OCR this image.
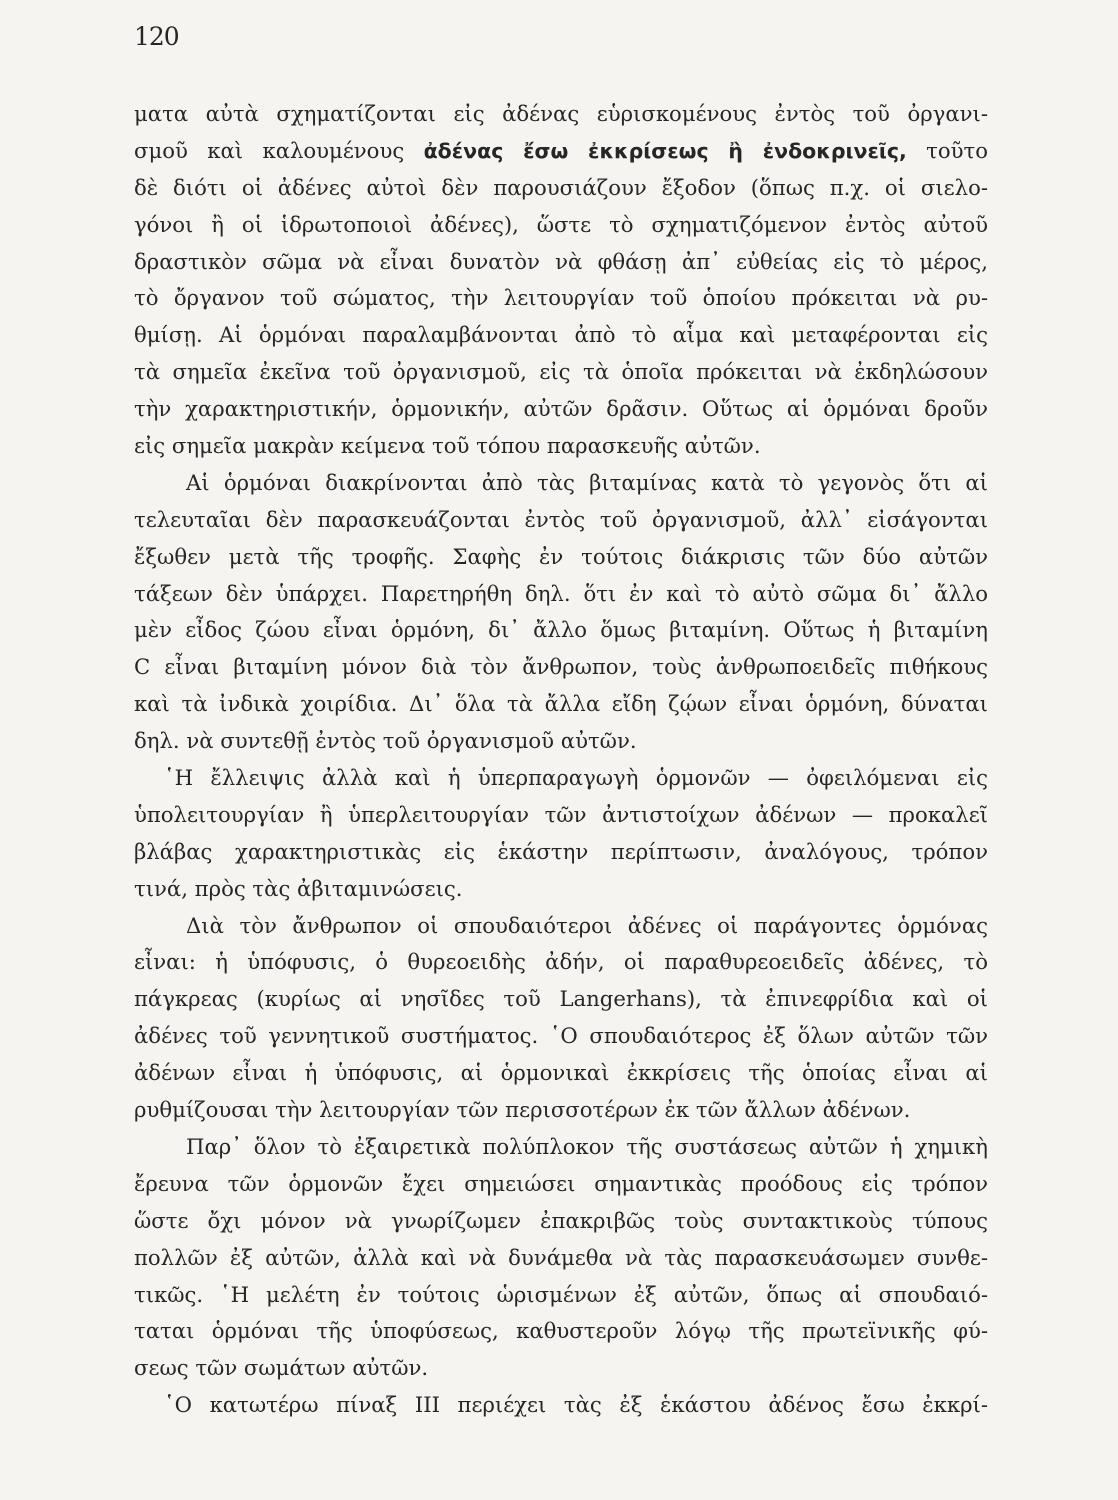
120
ματα αὐτὰ σχηματίζονται εἰς ἀδένας εὑρισκομένους ἐντὸς τοῦ ὀργανι-
σμοῦ καὶ καλουμένους ἀδένας ἔσω ἐκκρίσεως ἢ ἐνδοκρινεῖς, τοῦτο
δὲ διότι οἱ ἀδένες αὐτοὶ δὲν παρουσιάζουν ἔξοδον (ὅπως π.χ. οἱ σιελο-
γόνοι ἢ οἱ ἱδρωτοποιοὶ ἀδένες), ὥστε τὸ σχηματιζόμενον ἐντὸς αὐτοῦ
δραστικὸν σῶμα νὰ εἶναι δυνατὸν νὰ φθάσῃ ἀπ᾽ εὐθείας εἰς τὸ μέρος,
τὸ ὄργανον τοῦ σώματος, τὴν λειτουργίαν τοῦ ὁποίου πρόκειται νὰ ρυ-
θμίσῃ. Αἱ ὁρμόναι παραλαμβάνονται ἀπὸ τὸ αἷμα καὶ μεταφέρονται εἰς
τὰ σημεῖα ἐκεῖνα τοῦ ὀργανισμοῦ, εἰς τὰ ὁποῖα πρόκειται νὰ ἐκδηλώσουν
τὴν χαρακτηριστικήν, ὁρμονικήν, αὐτῶν δρᾶσιν. Οὕτως αἱ ὁρμόναι δροῦν
εἰς σημεῖα μακρὰν κείμενα τοῦ τόπου παρασκευῆς αὐτῶν.
Αἱ ὁρμόναι διακρίνονται ἀπὸ τὰς βιταμίνας κατὰ τὸ γεγονὸς ὅτι αἱ
τελευταῖαι δὲν παρασκευάζονται ἐντὸς τοῦ ὀργανισμοῦ, ἀλλ᾽ εἰσάγονται
ἔξωθεν μετὰ τῆς τροφῆς. Σαφὴς ἐν τούτοις διάκρισις τῶν δύο αὐτῶν
τάξεων δὲν ὑπάρχει. Παρετηρήθη δηλ. ὅτι ἐν καὶ τὸ αὐτὸ σῶμα δι᾽ ἄλλο
μὲν εἶδος ζώου εἶναι ὁρμόνη, δι᾽ ἄλλο ὅμως βιταμίνη. Οὕτως ἡ βιταμίνη
C εἶναι βιταμίνη μόνον διὰ τὸν ἄνθρωπον, τοὺς ἀνθρωποειδεῖς πιθήκους
καὶ τὰ ἰνδικὰ χοιρίδια. Δι᾽ ὅλα τὰ ἄλλα εἴδη ζῴων εἶναι ὁρμόνη, δύναται
δηλ. νὰ συντεθῇ ἐντὸς τοῦ ὀργανισμοῦ αὐτῶν.
῾Η ἔλλειψις ἀλλὰ καὶ ἡ ὑπερπαραγωγὴ ὁρμονῶν — ὀφειλόμεναι εἰς
ὑπολειτουργίαν ἢ ὑπερλειτουργίαν τῶν ἀντιστοίχων ἀδένων — προκαλεῖ
βλάβας χαρακτηριστικὰς εἰς ἑκάστην περίπτωσιν, ἀναλόγους, τρόπον
τινά, πρὸς τὰς ἀβιταμινώσεις.
Διὰ τὸν ἄνθρωπον οἱ σπουδαιότεροι ἀδένες οἱ παράγοντες ὁρμόνας
εἶναι: ἡ ὑπόφυσις, ὁ θυρεοειδὴς ἀδήν, οἱ παραθυρεοειδεῖς ἀδένες, τὸ
πάγκρεας (κυρίως αἱ νησῖδες τοῦ Langerhans), τὰ ἐπινεφρίδια καὶ οἱ
ἀδένες τοῦ γεννητικοῦ συστήματος. ῾Ο σπουδαιότερος ἐξ ὅλων αὐτῶν τῶν
ἀδένων εἶναι ἡ ὑπόφυσις, αἱ ὁρμονικαὶ ἐκκρίσεις τῆς ὁποίας εἶναι αἱ
ρυθμίζουσαι τὴν λειτουργίαν τῶν περισσοτέρων ἐκ τῶν ἄλλων ἀδένων.
Παρ᾽ ὅλον τὸ ἐξαιρετικὰ πολύπλοκον τῆς συστάσεως αὐτῶν ἡ χημικὴ
ἔρευνα τῶν ὁρμονῶν ἔχει σημειώσει σημαντικὰς προόδους εἰς τρόπον
ὥστε ὄχι μόνον νὰ γνωρίζωμεν ἐπακριβῶς τοὺς συντακτικοὺς τύπους
πολλῶν ἐξ αὐτῶν, ἀλλὰ καὶ νὰ δυνάμεθα νὰ τὰς παρασκευάσωμεν συνθε-
τικῶς. ῾Η μελέτη ἐν τούτοις ὡρισμένων ἐξ αὐτῶν, ὅπως αἱ σπουδαιό-
ταται ὁρμόναι τῆς ὑποφύσεως, καθυστεροῦν λόγῳ τῆς πρωτεϊνικῆς φύ-
σεως τῶν σωμάτων αὐτῶν.
῾Ο κατωτέρω πίναξ III περιέχει τὰς ἐξ ἑκάστου ἀδένος ἔσω ἐκκρί-
